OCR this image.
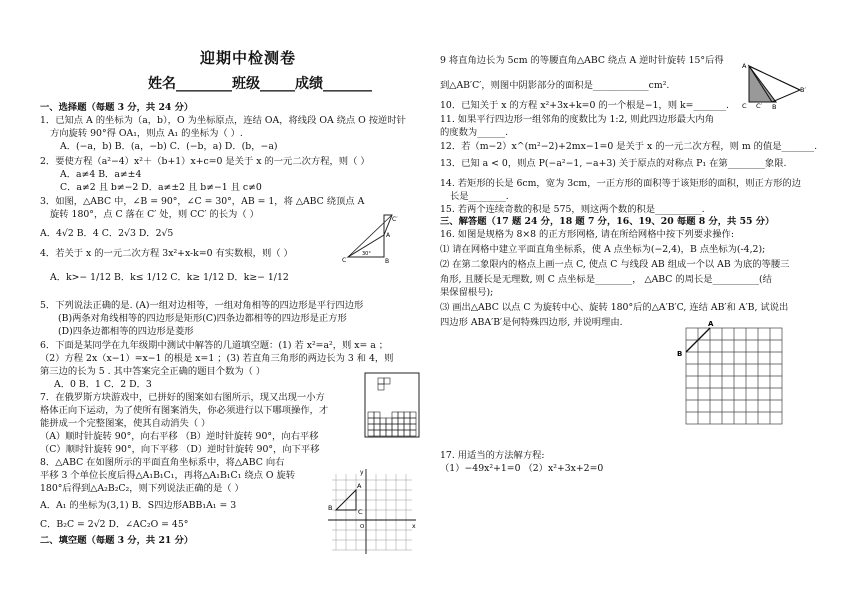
迎期中检测卷
姓名________班级_____成绩_______
一、选择题（每题 3 分，共 24 分）
1．已知点 A 的坐标为（a，b），O 为坐标原点，连结 OA，将线段 OA 绕点 O 按逆时针
方向旋转 90°得 OA₁，则点 A₁ 的坐标为（ ）.
A．(−a，b) B．(a，−b) C．(−b，a) D．(b，−a)
2．要使方程（a²−4）x²＋（b+1）x+c=0 是关于 x 的一元二次方程，则（ ）
A．a≠4 B．a≠±4
C．a≠2 且 b≠−2 D．a≠±2 且 b≠−1 且 c≠0
3．如图，△ABC 中，∠B = 90°，∠C = 30°，AB = 1，将 △ABC 绕顶点 A
旋转 180°，点 C 落在 C′ 处，则 CC′ 的长为（ ）
A．4√2 B．4 C．2√3 D．2√5
4．若关于 x 的一元二次方程 3x²+x-k=0 有实数根，则（ ）
A．k>− 1/12 B．k≤ 1/12 C．k≥ 1/12 D．k≥− 1/12
5．下列说法正确的是. (A)一组对边相等，一组对角相等的四边形是平行四边形
(B)两条对角线相等的四边形是矩形(C)四条边都相等的四边形是正方形
(D)四条边都相等的四边形是菱形
6．下面是某同学在九年级期中测试中解答的几道填空题：(1) 若 x²=a²，则 x= a ；
（2）方程 2x（x−1）=x−1 的根是 x=1 ；(3) 若直角三角形的两边长为 3 和 4，则
第三边的长为 5 . 其中答案完全正确的题目个数为（ ）
A．0 B．1 C．2 D．3
7．在俄罗斯方块游戏中，已拼好的图案如右图所示，现又出现一小方
格体正向下运动，为了使所有图案消失，你必须进行以下哪项操作，才
能拼成一个完整图案，使其自动消失（ ）
（A）顺时针旋转 90°，向右平移 （B）逆时针旋转 90°，向右平移
（C）顺时针旋转 90°，向下平移 （D）逆时针旋转 90°，向下平移
8．△ABC 在如图所示的平面直角坐标系中，将△ABC 向右
平移 3 个单位长度后得△A₁B₁C₁，再将△A₁B₁C₁ 绕点 O 旋转
180°后得到△A₂B₂C₂，则下列说法正确的是（ ）
A．A₁ 的坐标为(3,1) B．S四边形ABB₁A₁ = 3
C．B₂C = 2√2 D．∠AC₂O = 45°
二、填空题（每题 3 分，共 21 分）
C	B
A
C′
30°
x
y
O
B
A
C
9 将直角边长为 5cm 的等腰直角△ABC 绕点 A 逆时针旋转 15°后得
到△AB′C′，则图中阴影部分的面积是____________cm².
10．已知关于 x 的方程 x²+3x+k=0 的一个根是−1，则 k=_______.
11. 如果平行四边形一组邻角的度数比为 1:2, 则此四边形最大内角
的度数为______.
12．若（m−2）x^(m²−2)+2mx−1=0 是关于 x 的一元二次方程，则 m 的值是_______.
13．已知 a < 0，则点 P(−a²−1, −a+3) 关于原点的对称点 P₁ 在第________象限.
14. 若矩形的长是 6cm，宽为 3cm，一正方形的面积等于该矩形的面积，则正方形的边
长是________.
15. 若两个连续奇数的积是 575，则这两个数的积是__________.
三、解答题（17 题 24 分，18 题 7 分，16、19、20 每题 8 分，共 55 分）
16. 如图是规格为 8×8 的正方形网格, 请在所给网格中按下列要求操作:
⑴ 请在网格中建立平面直角坐标系，使 A 点坐标为(−2,4)，B 点坐标为(-4,2);
⑵ 在第二象限内的格点上画一点 C, 使点 C 与线段 AB 组成一个以 AB 为底的等腰三
角形, 且腰长是无理数, 则 C 点坐标是________， △ABC 的周长是__________(结
果保留根号);
⑶ 画出△ABC 以点 C 为旋转中心、旋转 180°后的△A′B′C, 连结 AB′和 A′B, 试说出
四边形 ABA′B′是何特殊四边形, 并说明理由.
17. 用适当的方法解方程:
（1）−49x²+1=0 （2）x²+3x+2=0
A
C C′ B
B′
A
B
